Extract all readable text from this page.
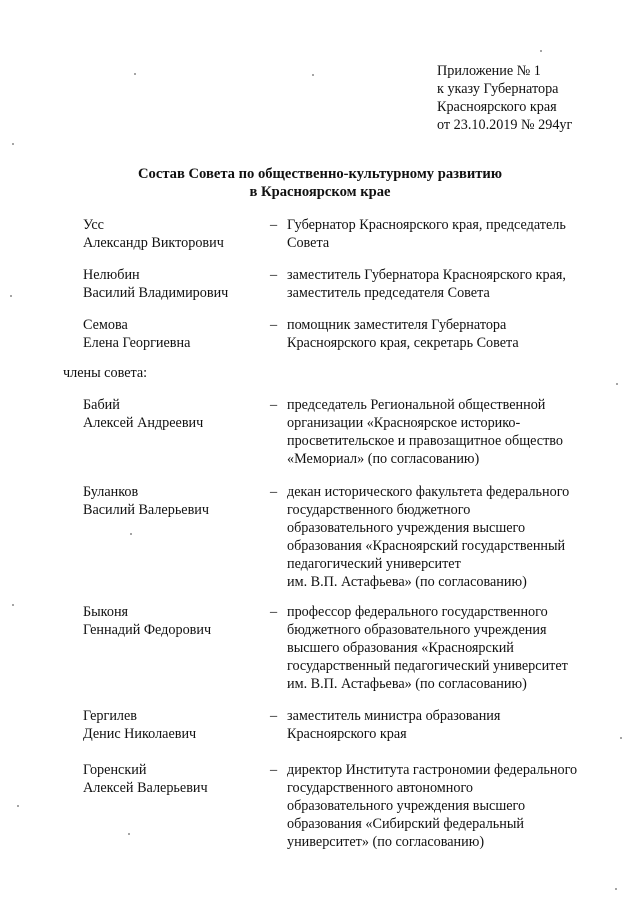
Приложение № 1
к указу Губернатора
Красноярского края
от 23.10.2019 № 294уг
Состав Совета по общественно-культурному развитию
в Красноярском крае
Усс
Александр Викторович
– Губернатор Красноярского края, председатель
Совета
Нелюбин
Василий Владимирович
– заместитель Губернатора Красноярского края,
заместитель председателя Совета
Семова
Елена Георгиевна
– помощник заместителя Губернатора
Красноярского края, секретарь Совета
члены совета:
Бабий
Алексей Андреевич
– председатель Региональной общественной
организации «Красноярское историко-
просветительское и правозащитное общество
«Мемориал» (по согласованию)
Буланков
Василий Валерьевич
– декан исторического факультета федерального
государственного бюджетного
образовательного учреждения высшего
образования «Красноярский государственный
педагогический университет
им. В.П. Астафьева» (по согласованию)
Быконя
Геннадий Федорович
– профессор федерального государственного
бюджетного образовательного учреждения
высшего образования «Красноярский
государственный педагогический университет
им. В.П. Астафьева» (по согласованию)
Гергилев
Денис Николаевич
– заместитель министра образования
Красноярского края
Горенский
Алексей Валерьевич
– директор Института гастрономии федерального
государственного автономного
образовательного учреждения высшего
образования «Сибирский федеральный
университет» (по согласованию)
